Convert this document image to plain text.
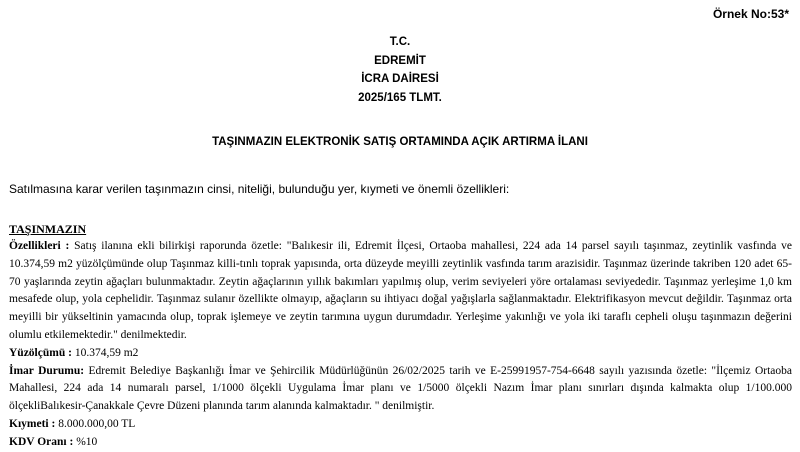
Örnek No:53*
T.C.
EDREMİT
İCRA DAİRESİ
2025/165 TLMT.
TAŞINMAZIN ELEKTRONİK SATIŞ ORTAMINDA AÇIK ARTIRMA İLANI
Satılmasına karar verilen taşınmazın cinsi, niteliği, bulunduğu yer, kıymeti ve önemli özellikleri:
TAŞINMAZIN

Özellikleri : Satış ilanına ekli bilirkişi raporunda özetle: "Balıkesir ili, Edremit İlçesi, Ortaoba mahallesi, 224 ada 14 parsel sayılı taşınmaz, zeytinlik vasfında ve 10.374,59 m2 yüzölçümünde olup Taşınmaz killi-tınlı toprak yapısında, orta düzeyde meyilli zeytinlik vasfında tarım arazisidir. Taşınmaz üzerinde takriben 120 adet 65-70 yaşlarında zeytin ağaçları bulunmaktadır. Zeytin ağaçlarının yıllık bakımları yapılmış olup, verim seviyeleri yöre ortalaması seviyededir. Taşınmaz yerleşime 1,0 km mesafede olup, yola cephelidir. Taşınmaz sulanır özellikte olmayıp, ağaçların su ihtiyacı doğal yağışlarla sağlanmaktadır. Elektrifikasyon mevcut değildir. Taşınmaz orta meyilli bir yükseltinin yamacında olup, toprak işlemeye ve zeytin tarımına uygun durumdadır. Yerleşime yakınlığı ve yola iki taraflı cepheli oluşu taşınmazın değerini olumlu etkilemektedir." denilmektedir.

Yüzölçümü : 10.374,59 m2

İmar Durumu: Edremit Belediye Başkanlığı İmar ve Şehircilik Müdürlüğünün 26/02/2025 tarih ve E-25991957-754-6648 sayılı yazısında özetle: "İlçemiz Ortaoba Mahallesi, 224 ada 14 numaralı parsel, 1/1000 ölçekli Uygulama İmar planı ve 1/5000 ölçekli Nazım İmar planı sınırları dışında kalmakta olup 1/100.000 ölçekliBalıkesir-Çanakkale Çevre Düzeni planında tarım alanında kalmaktadır. " denilmiştir.

Kıymeti : 8.000.000,00 TL

KDV Oranı : %10
